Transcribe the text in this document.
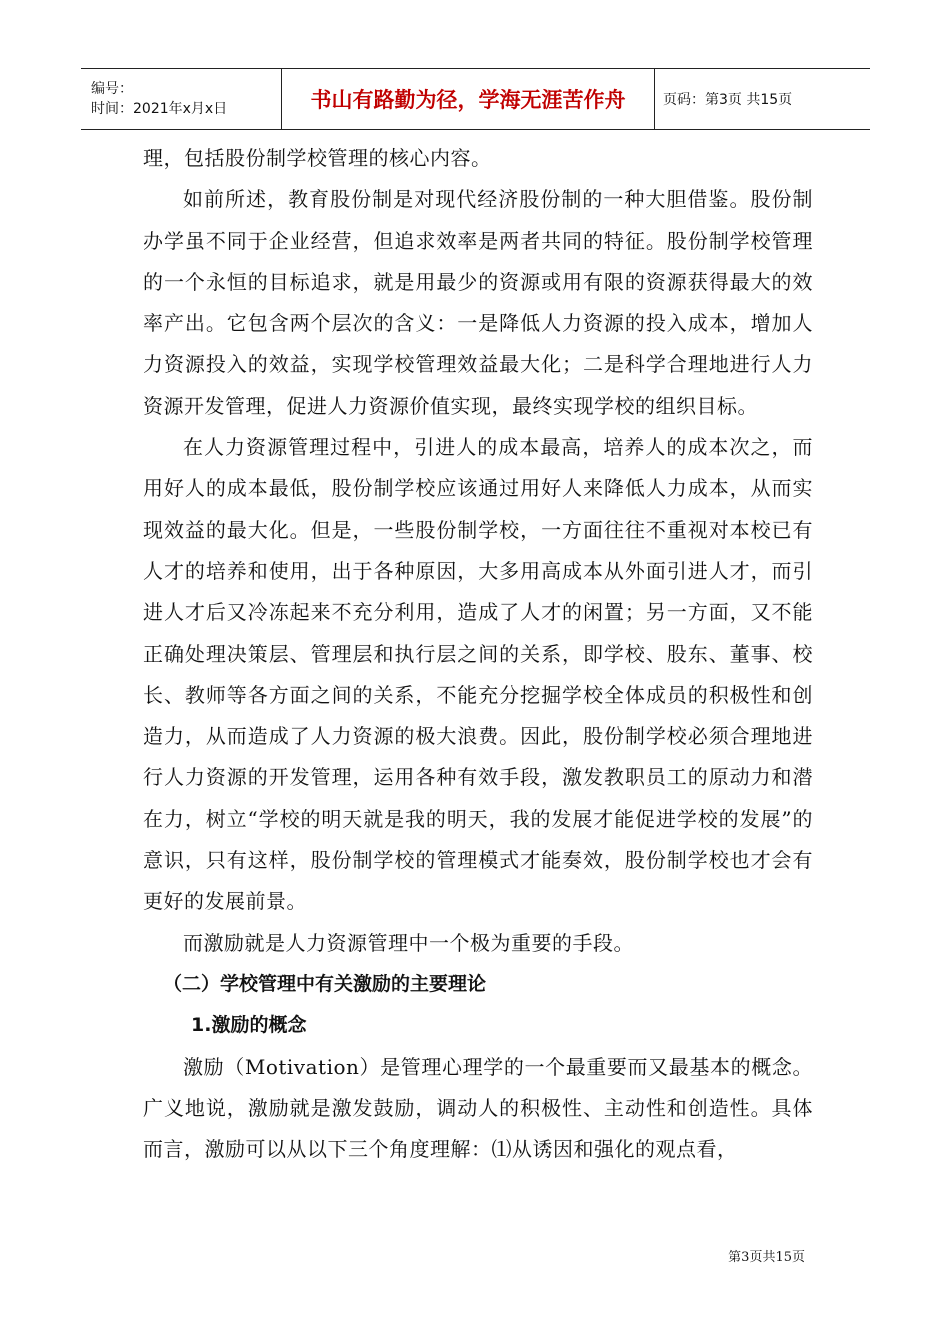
编号：
时间：2021年x月x日	书山有路勤为径，学海无涯苦作舟	页码：第3页 共15页

理，包括股份制学校管理的核心内容。

如前所述，教育股份制是对现代经济股份制的一种大胆借鉴。股份制办学虽不同于企业经营，但追求效率是两者共同的特征。股份制学校管理的一个永恒的目标追求，就是用最少的资源或用有限的资源获得最大的效率产出。它包含两个层次的含义：一是降低人力资源的投入成本，增加人力资源投入的效益，实现学校管理效益最大化；二是科学合理地进行人力资源开发管理，促进人力资源价值实现，最终实现学校的组织目标。

在人力资源管理过程中，引进人的成本最高，培养人的成本次之，而用好人的成本最低，股份制学校应该通过用好人来降低人力成本，从而实现效益的最大化。但是，一些股份制学校，一方面往往不重视对本校已有人才的培养和使用，出于各种原因，大多用高成本从外面引进人才，而引进人才后又冷冻起来不充分利用，造成了人才的闲置；另一方面，又不能正确处理决策层、管理层和执行层之间的关系，即学校、股东、董事、校长、教师等各方面之间的关系，不能充分挖掘学校全体成员的积极性和创造力，从而造成了人力资源的极大浪费。因此，股份制学校必须合理地进行人力资源的开发管理，运用各种有效手段，激发教职员工的原动力和潜在力，树立“学校的明天就是我的明天，我的发展才能促进学校的发展”的意识，只有这样，股份制学校的管理模式才能奏效，股份制学校也才会有更好的发展前景。

而激励就是人力资源管理中一个极为重要的手段。

（二）学校管理中有关激励的主要理论

1.激励的概念

激励（Motivation）是管理心理学的一个最重要而又最基本的概念。广义地说，激励就是激发鼓励，调动人的积极性、主动性和创造性。具体而言，激励可以从以下三个角度理解：⑴从诱因和强化的观点看，

第3页共15页
